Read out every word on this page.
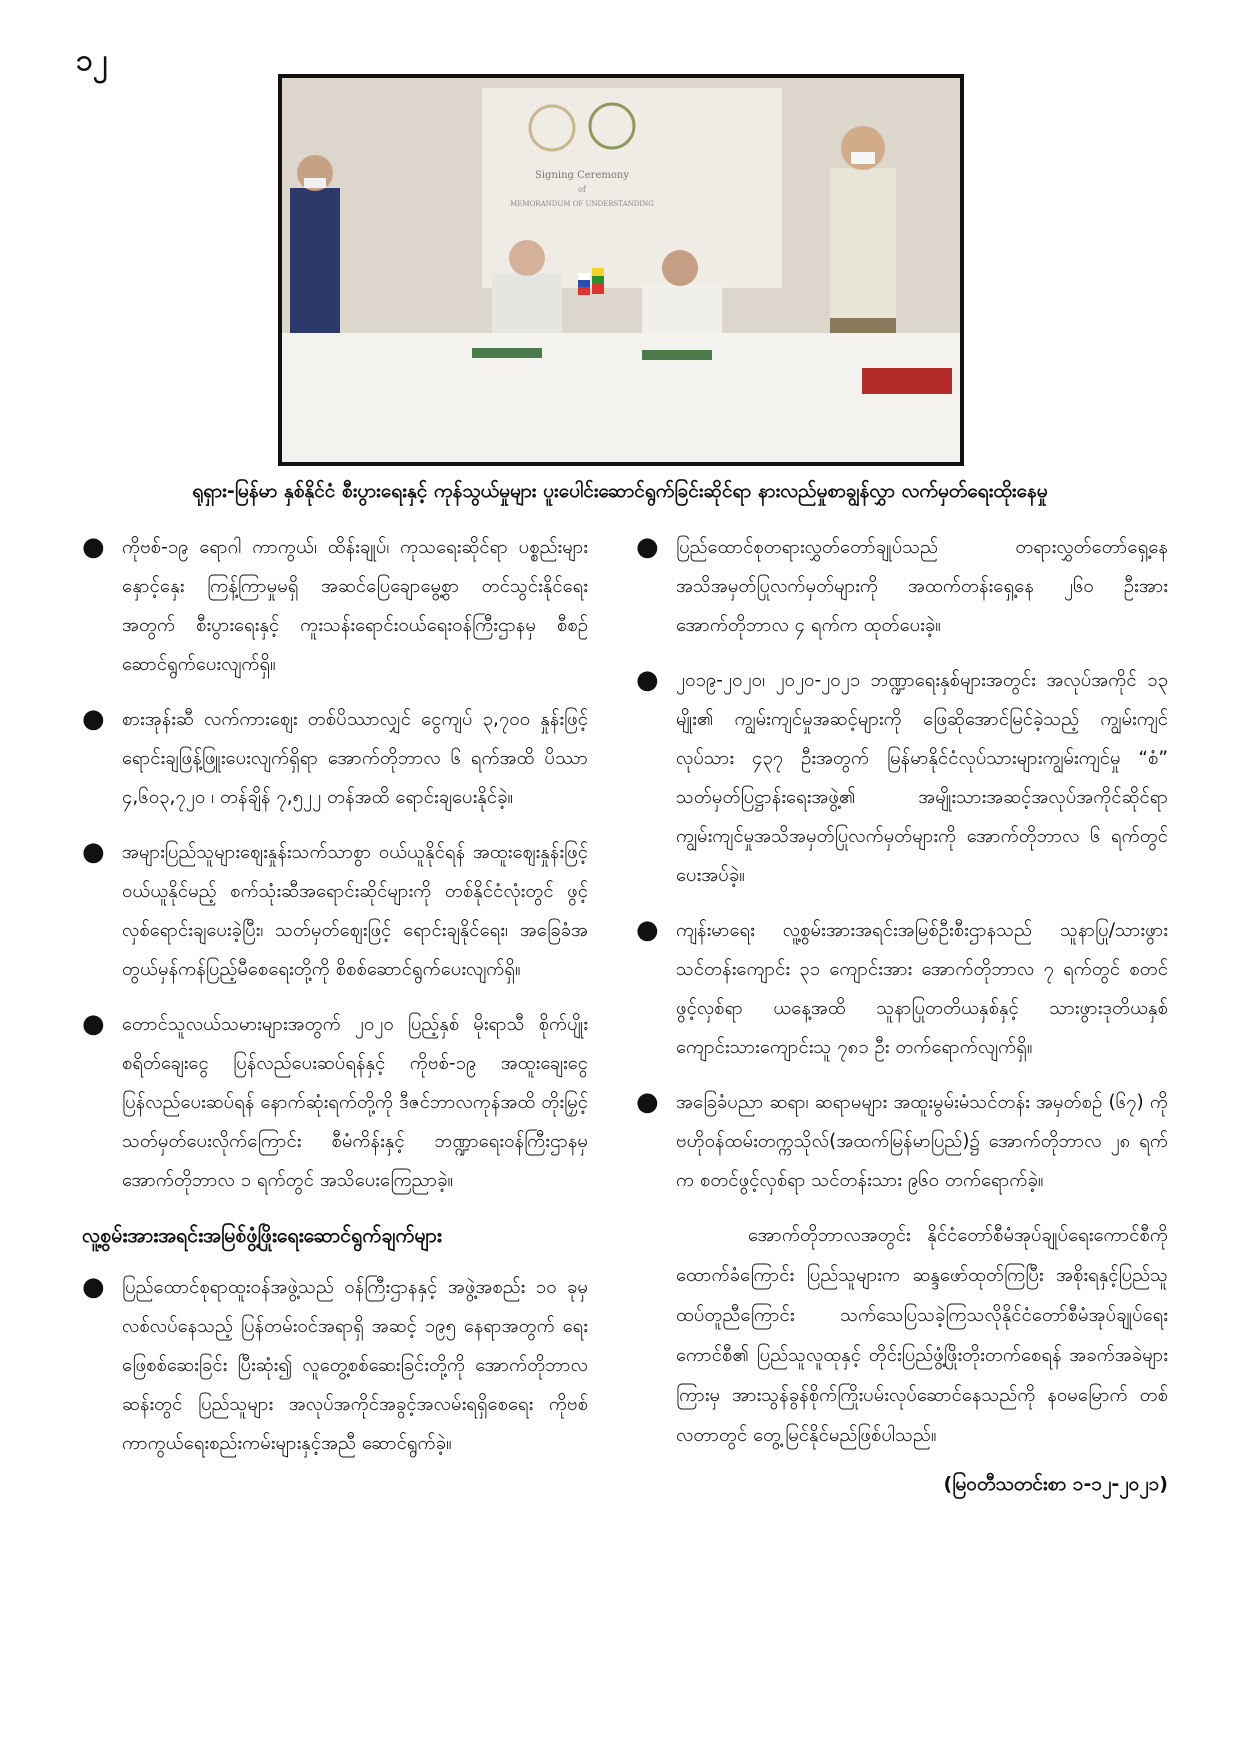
၁၂
Signing Ceremony
of
MEMORANDUM OF UNDERSTANDING
ရုရှား-မြန်မာ နှစ်နိုင်ငံ စီးပွားရေးနှင့် ကုန်သွယ်မှုများ ပူးပေါင်းဆောင်ရွက်ခြင်းဆိုင်ရာ နားလည်မှုစာချွန်လွှာ လက်မှတ်ရေးထိုးနေမှု
● ကိုဗစ်-၁၉ ရောဂါ ကာကွယ်၊ ထိန်းချုပ်၊ ကုသရေးဆိုင်ရာ ပစ္စည်းများ နှောင့်နှေး ကြန့်ကြာမှုမရှိ အဆင်ပြေချောမွေ့စွာ တင်သွင်းနိုင်ရေးအတွက် စီးပွားရေးနှင့် ကူးသန်းရောင်းဝယ်ရေးဝန်ကြီးဌာနမှ စီစဉ်ဆောင်ရွက်ပေးလျက်ရှိ။
● စားအုန်းဆီ လက်ကားဈေး တစ်ပိဿာလျှင် ငွေကျပ် ၃,၇၀၀ နှုန်းဖြင့် ရောင်းချဖြန့်ဖြူးပေးလျက်ရှိရာ အောက်တိုဘာလ ၆ ရက်အထိ ပိဿာ ၄,၆၀၃,၇၂၀ ၊ တန်ချိန် ၇,၅၂၂ တန်အထိ ရောင်းချပေးနိုင်ခဲ့။
● အများပြည်သူများဈေးနှုန်းသက်သာစွာ ဝယ်ယူနိုင်ရန် အထူးဈေးနှုန်းဖြင့် ဝယ်ယူနိုင်မည့် စက်သုံးဆီအရောင်းဆိုင်များကို တစ်နိုင်ငံလုံးတွင် ဖွင့်လှစ်ရောင်းချပေးခဲ့ပြီး၊ သတ်မှတ်ဈေးဖြင့် ရောင်းချနိုင်ရေး၊ အခြေခံအတွယ်မှန်ကန်ပြည့်မီစေရေးတို့ကို စိစစ်ဆောင်ရွက်ပေးလျက်ရှိ။
● တောင်သူလယ်သမားများအတွက် ၂၀၂၀ ပြည့်နှစ် မိုးရာသီ စိုက်ပျိုးစရိတ်ချေးငွေ ပြန်လည်ပေးဆပ်ရန်နှင့် ကိုဗစ်-၁၉ အထူးချေးငွေပြန်လည်ပေးဆပ်ရန် နောက်ဆုံးရက်တို့ကို ဒီဇင်ဘာလကုန်အထိ တိုးမြှင့်သတ်မှတ်ပေးလိုက်ကြောင်း စီမံကိန်းနှင့် ဘဏ္ဍာရေးဝန်ကြီးဌာနမှ အောက်တိုဘာလ ၁ ရက်တွင် အသိပေးကြေညာခဲ့။
လူ့စွမ်းအားအရင်းအမြစ်ဖွံ့ဖြိုးရေးဆောင်ရွက်ချက်များ
● ပြည်ထောင်စုရာထူးဝန်အဖွဲ့သည် ဝန်ကြီးဌာနနှင့် အဖွဲ့အစည်း ၁၀ ခုမှ လစ်လပ်နေသည့် ပြန်တမ်းဝင်အရာရှိ အဆင့် ၁၉၅ နေရာအတွက် ရေးဖြေစစ်ဆေးခြင်း ပြီးဆုံး၍ လူတွေ့စစ်ဆေးခြင်းတို့ကို အောက်တိုဘာလဆန်းတွင် ပြည်သူများ အလုပ်အကိုင်အခွင့်အလမ်းရရှိစေရေး ကိုဗစ်ကာကွယ်ရေးစည်းကမ်းများနှင့်အညီ ဆောင်ရွက်ခဲ့။
● ပြည်ထောင်စုတရားလွှတ်တော်ချုပ်သည် တရားလွှတ်တော်ရှေ့နေအသိအမှတ်ပြုလက်မှတ်များကို အထက်တန်းရှေ့နေ ၂၆၀ ဦးအား အောက်တိုဘာလ ၄ ရက်က ထုတ်ပေးခဲ့။
● ၂၀၁၉-၂၀၂၀၊ ၂၀၂၀-၂၀၂၁ ဘဏ္ဍာရေးနှစ်များအတွင်း အလုပ်အကိုင် ၁၃ မျိုး၏ ကျွမ်းကျင်မှုအဆင့်များကို ဖြေဆိုအောင်မြင်ခဲ့သည့် ကျွမ်းကျင်လုပ်သား ၄၃၇ ဦးအတွက် မြန်မာနိုင်ငံလုပ်သားများကျွမ်းကျင်မှု “စံ” သတ်မှတ်ပြဋ္ဌာန်းရေးအဖွဲ့၏ အမျိုးသားအဆင့်အလုပ်အကိုင်ဆိုင်ရာ ကျွမ်းကျင်မှုအသိအမှတ်ပြုလက်မှတ်များကို အောက်တိုဘာလ ၆ ရက်တွင် ပေးအပ်ခဲ့။
● ကျန်းမာရေး လူ့စွမ်းအားအရင်းအမြစ်ဦးစီးဌာနသည် သူနာပြု/သားဖွားသင်တန်းကျောင်း ၃၁ ကျောင်းအား အောက်တိုဘာလ ၇ ရက်တွင် စတင်ဖွင့်လှစ်ရာ ယနေ့အထိ သူနာပြုတတိယနှစ်နှင့် သားဖွားဒုတိယနှစ် ကျောင်းသားကျောင်းသူ ၇၈၁ ဦး တက်ရောက်လျက်ရှိ။
● အခြေခံပညာ ဆရာ၊ ဆရာမများ အထူးမွမ်းမံသင်တန်း အမှတ်စဉ် (၆၇) ကို ဗဟိုဝန်ထမ်းတက္ကသိုလ်(အထက်မြန်မာပြည်)၌ အောက်တိုဘာလ ၂၈ ရက်က စတင်ဖွင့်လှစ်ရာ သင်တန်းသား ၉၆၀ တက်ရောက်ခဲ့။

အောက်တိုဘာလအတွင်း နိုင်ငံတော်စီမံအုပ်ချုပ်ရေးကောင်စီကို ထောက်ခံကြောင်း ပြည်သူများက ဆန္ဒဖော်ထုတ်ကြပြီး အစိုးရနှင့်ပြည်သူ ထပ်တူညီကြောင်း သက်သေပြသခဲ့ကြသလိုနိုင်ငံတော်စီမံအုပ်ချုပ်ရေးကောင်စီ၏ ပြည်သူလူထုနှင့် တိုင်းပြည်ဖွံ့ဖြိုးတိုးတက်စေရန် အခက်အခဲများကြားမှ အားသွန်ခွန်စိုက်ကြိုးပမ်းလုပ်ဆောင်နေသည်ကို နဝမမြောက် တစ်လတာတွင် တွေ့မြင်နိုင်မည်ဖြစ်ပါသည်။

(မြဝတီသတင်းစာ ၁-၁၂-၂၀၂၁)
